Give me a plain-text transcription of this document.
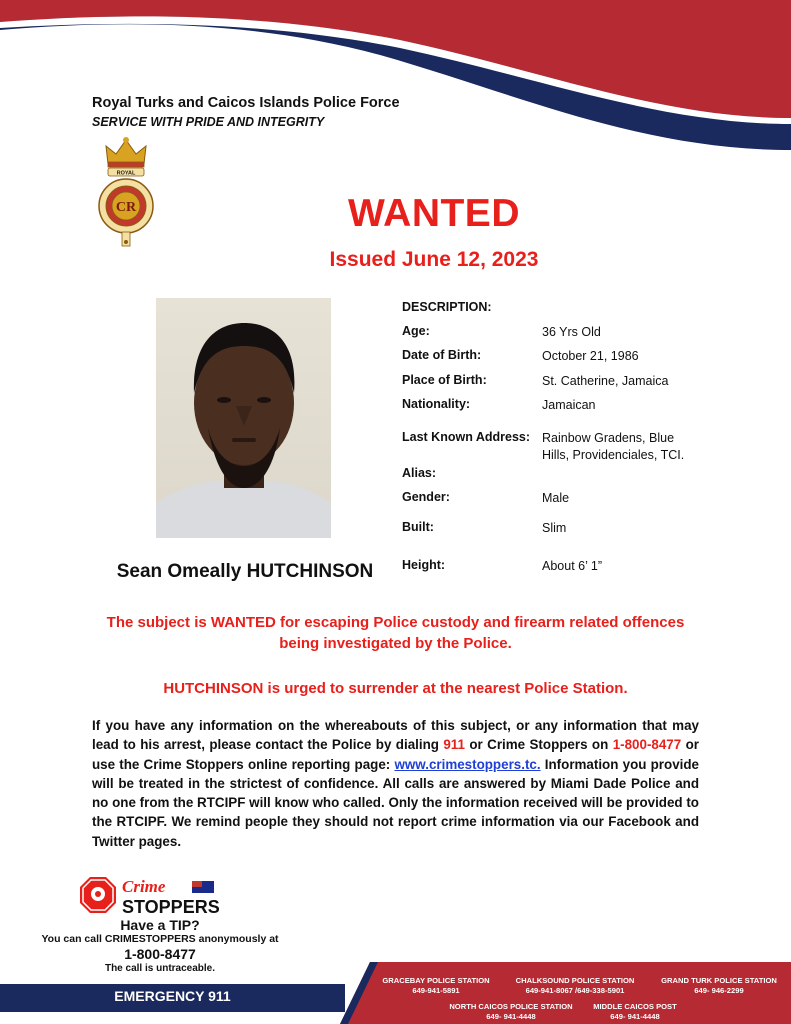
Royal Turks and Caicos Islands Police Force
SERVICE WITH PRIDE AND INTEGRITY
ROYAL
CR	WANTED
Issued June 12, 2023
Sean Omeally HUTCHINSON
DESCRIPTION:
Age:	36 Yrs Old
Date of Birth:	October 21, 1986
Place of Birth:	St. Catherine, Jamaica
Nationality:	Jamaican
Last Known Address: Rainbow Gradens, Blue
Hills, Providenciales, TCI.
Alias:
Gender:	Male
Built:	Slim
Height:	About 6’ 1”
The subject is WANTED for escaping Police custody and firearm related offences
being investigated by the Police.
HUTCHINSON is urged to surrender at the nearest Police Station.
If you have any information on the whereabouts of this subject, or any information that may lead to his arrest, please contact the Police by dialing 911 or Crime Stoppers on 1-800-8477 or use the Crime Stoppers online reporting page: www.crimestoppers.tc. Information you provide will be treated in the strictest of confidence. All calls are answered by Miami Dade Police and no one from the RTCIPF will know who called. Only the information received will be provided to the RTCIPF. We remind people they should not report crime information via our Facebook and Twitter pages.
Crime
STOPPERS
Have a TIP?
You can call CRIMESTOPPERS anonymously at
1-800-8477
The call is untraceable.
EMERGENCY 911
GRACEBAY POLICE STATION
649-941-5891
CHALKSOUND POLICE STATION
649-941-8067 /649-338-5901
GRAND TURK POLICE STATION
649- 946-2299
NORTH CAICOS POLICE STATION
649- 941-4448
MIDDLE CAICOS POST
649- 941-4448
